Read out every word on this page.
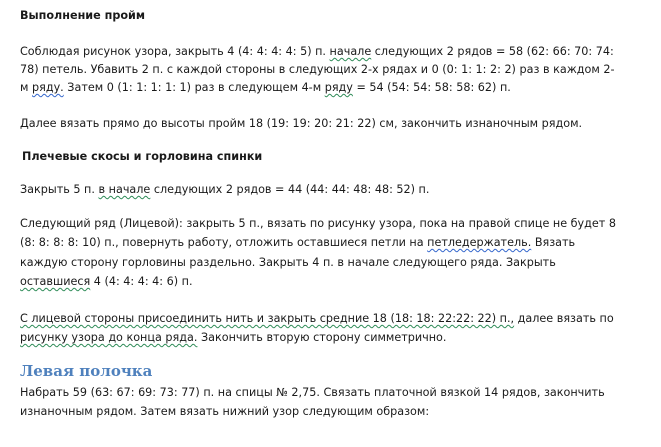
Выполнение пройм
Соблюдая рисунок узора, закрыть 4 (4: 4: 4: 4: 5) п. начале следующих 2 рядов = 58 (62: 66: 70: 74:
78) петель. Убавить 2 п. с каждой стороны в следующих 2-х рядах и 0 (0: 1: 1: 2: 2) раз в каждом 2-
м ряду. Затем 0 (1: 1: 1: 1: 1) раз в следующем 4-м ряду = 54 (54: 54: 58: 58: 62) п.
Далее вязать прямо до высоты пройм 18 (19: 19: 20: 21: 22) см, закончить изнаночным рядом.
Плечевые скосы и горловина спинки
Закрыть 5 п. в начале следующих 2 рядов = 44 (44: 44: 48: 48: 52) п.
Следующий ряд (Лицевой): закрыть 5 п., вязать по рисунку узора, пока на правой спице не будет 8
(8: 8: 8: 8: 10) п., повернуть работу, отложить оставшиеся петли на петледержатель. Вязать
каждую сторону горловины раздельно. Закрыть 4 п. в начале следующего ряда. Закрыть
оставшиеся 4 (4: 4: 4: 4: 6) п.
С лицевой стороны присоединить нить и закрыть средние 18 (18: 18: 22:22: 22) п., далее вязать по
рисунку узора до конца ряда. Закончить вторую сторону симметрично.
Левая полочка
Набрать 59 (63: 67: 69: 73: 77) п. на спицы № 2,75. Связать платочной вязкой 14 рядов, закончить
изнаночным рядом. Затем вязать нижний узор следующим образом:
